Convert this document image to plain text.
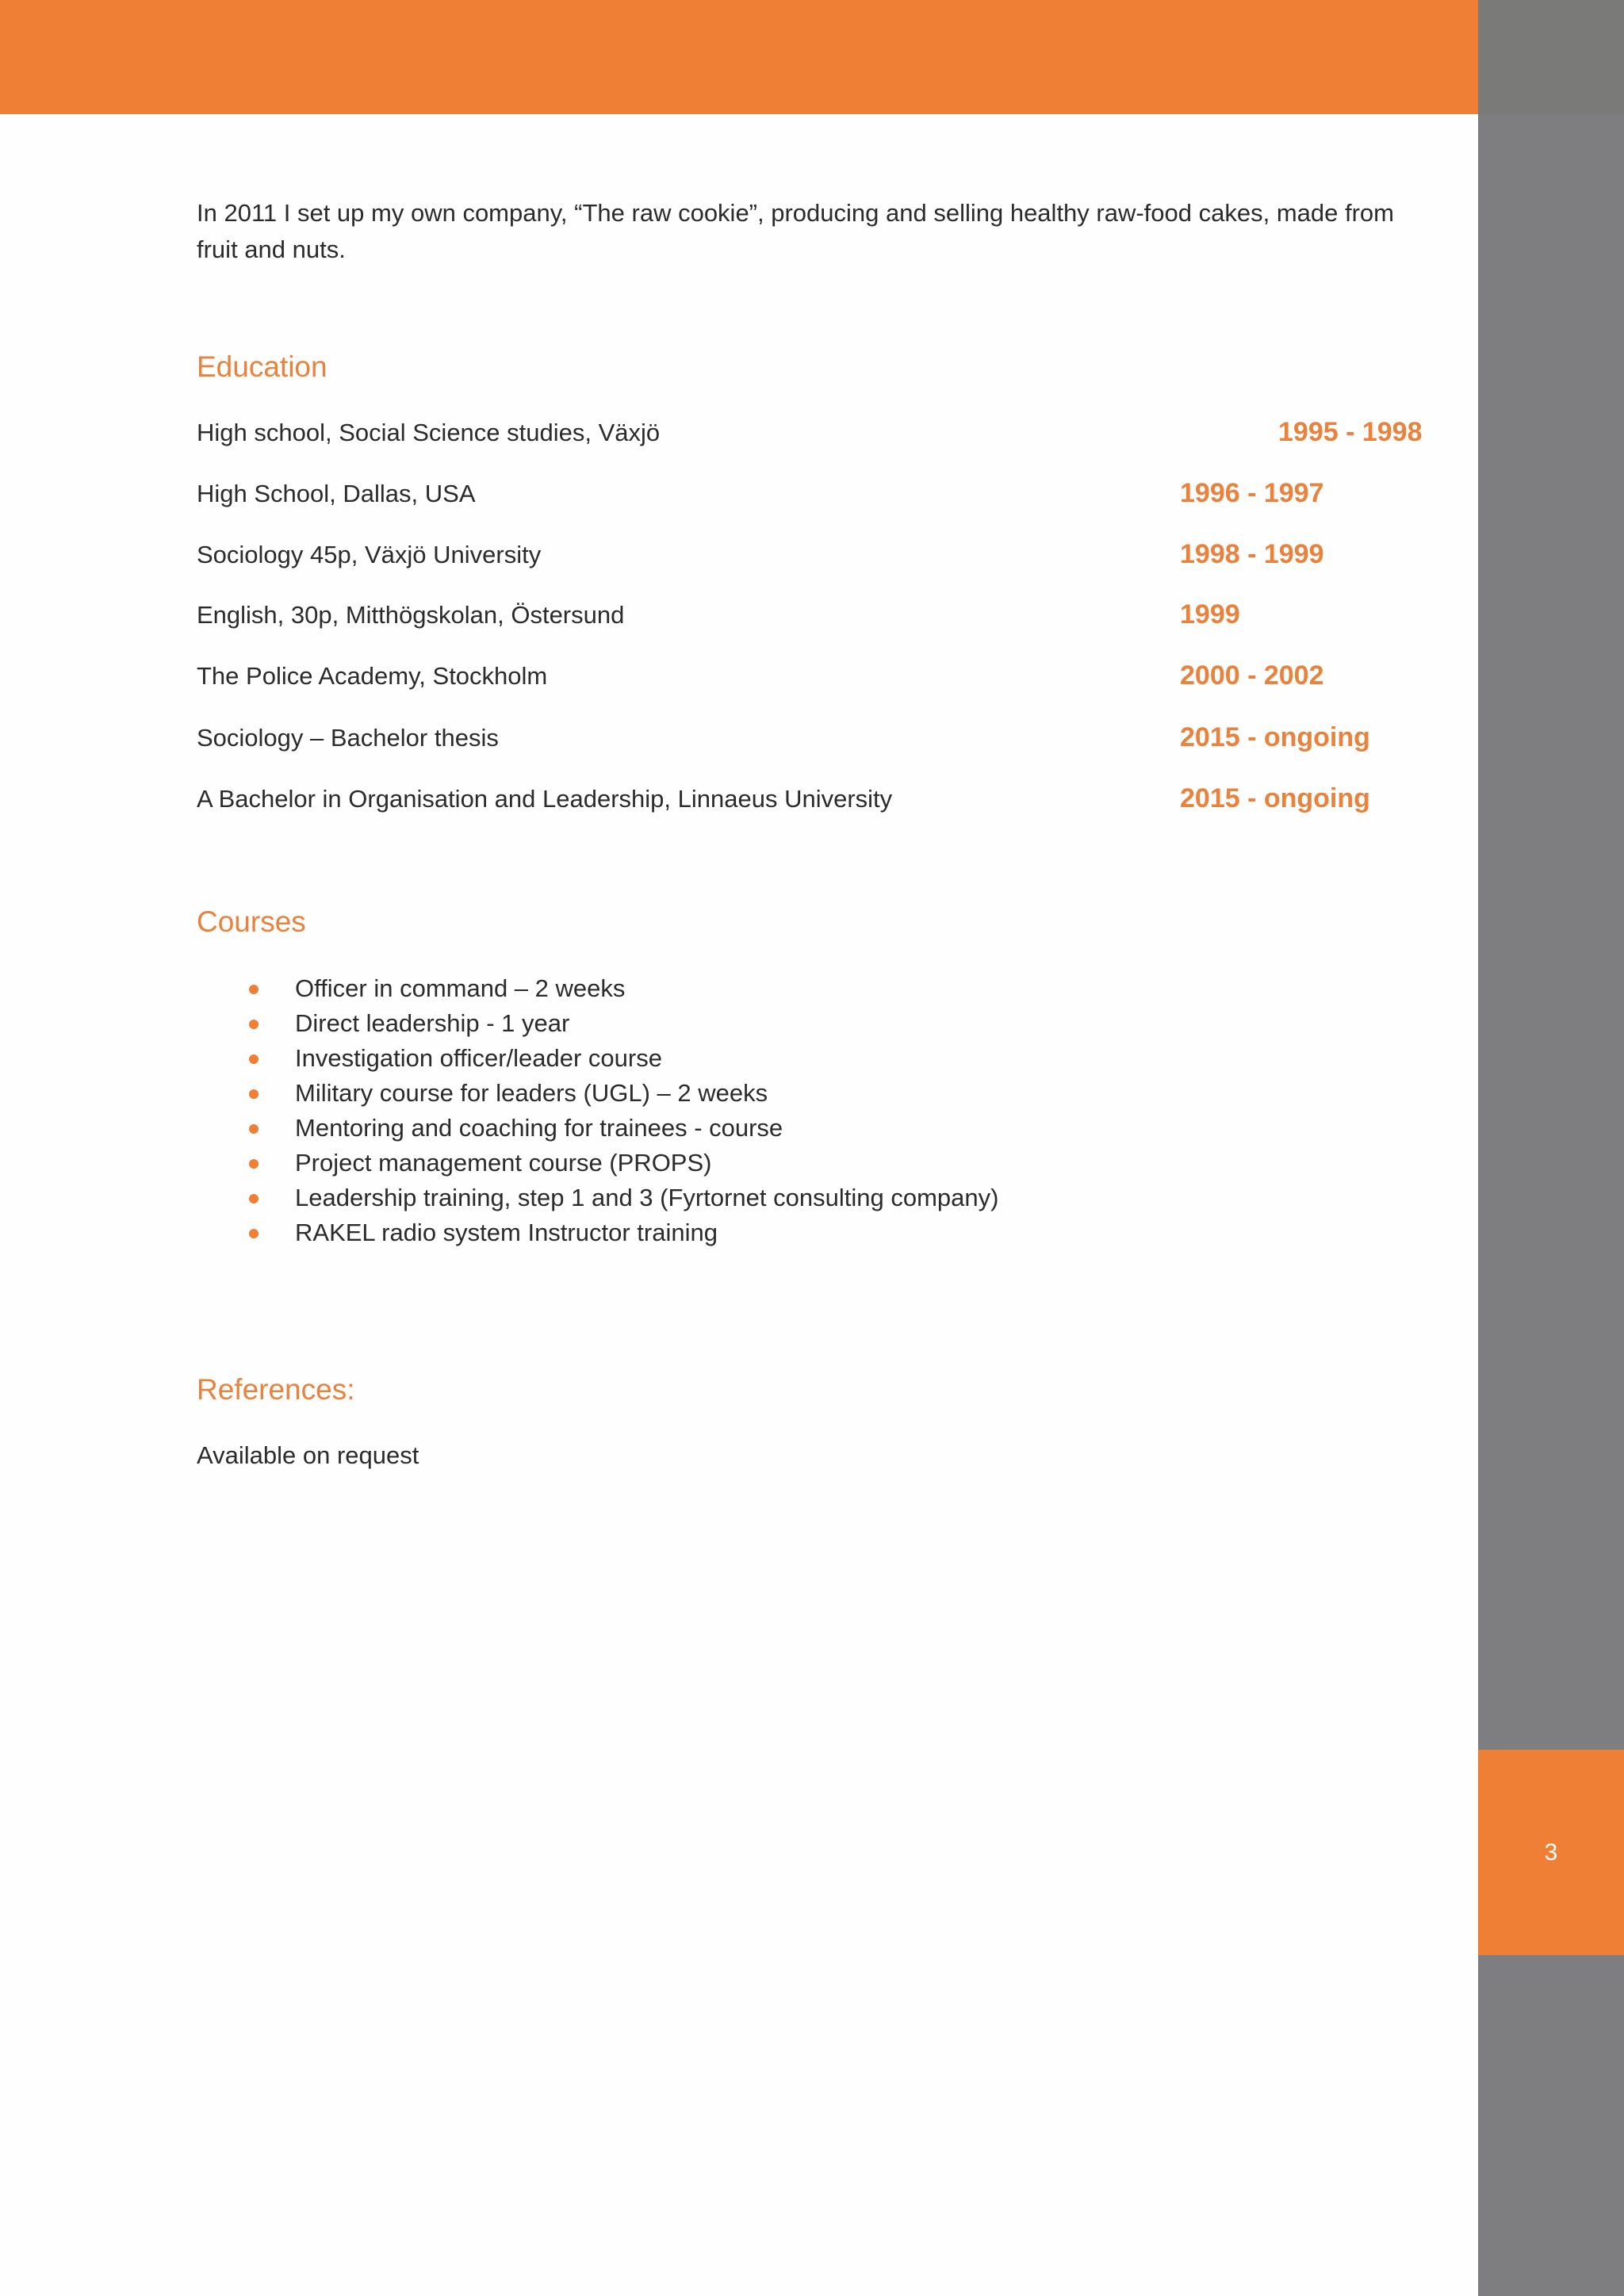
3

In 2011 I set up my own company, “The raw cookie”, producing and selling healthy raw-food cakes, made from fruit and nuts.

Education
High school, Social Science studies, Växjö	1995 - 1998
High School, Dallas, USA	1996 - 1997
Sociology 45p, Växjö University	1998 - 1999
English, 30p, Mitthögskolan, Östersund	1999
The Police Academy, Stockholm	2000 - 2002
Sociology – Bachelor thesis	2015 - ongoing
A Bachelor in Organisation and Leadership, Linnaeus University	2015 - ongoing
Courses
Officer in command – 2 weeks
Direct leadership - 1 year
Investigation officer/leader course
Military course for leaders (UGL) – 2 weeks
Mentoring and coaching for trainees - course
Project management course (PROPS)
Leadership training, step 1 and 3 (Fyrtornet consulting company)
RAKEL radio system Instructor training
References:
Available on request
